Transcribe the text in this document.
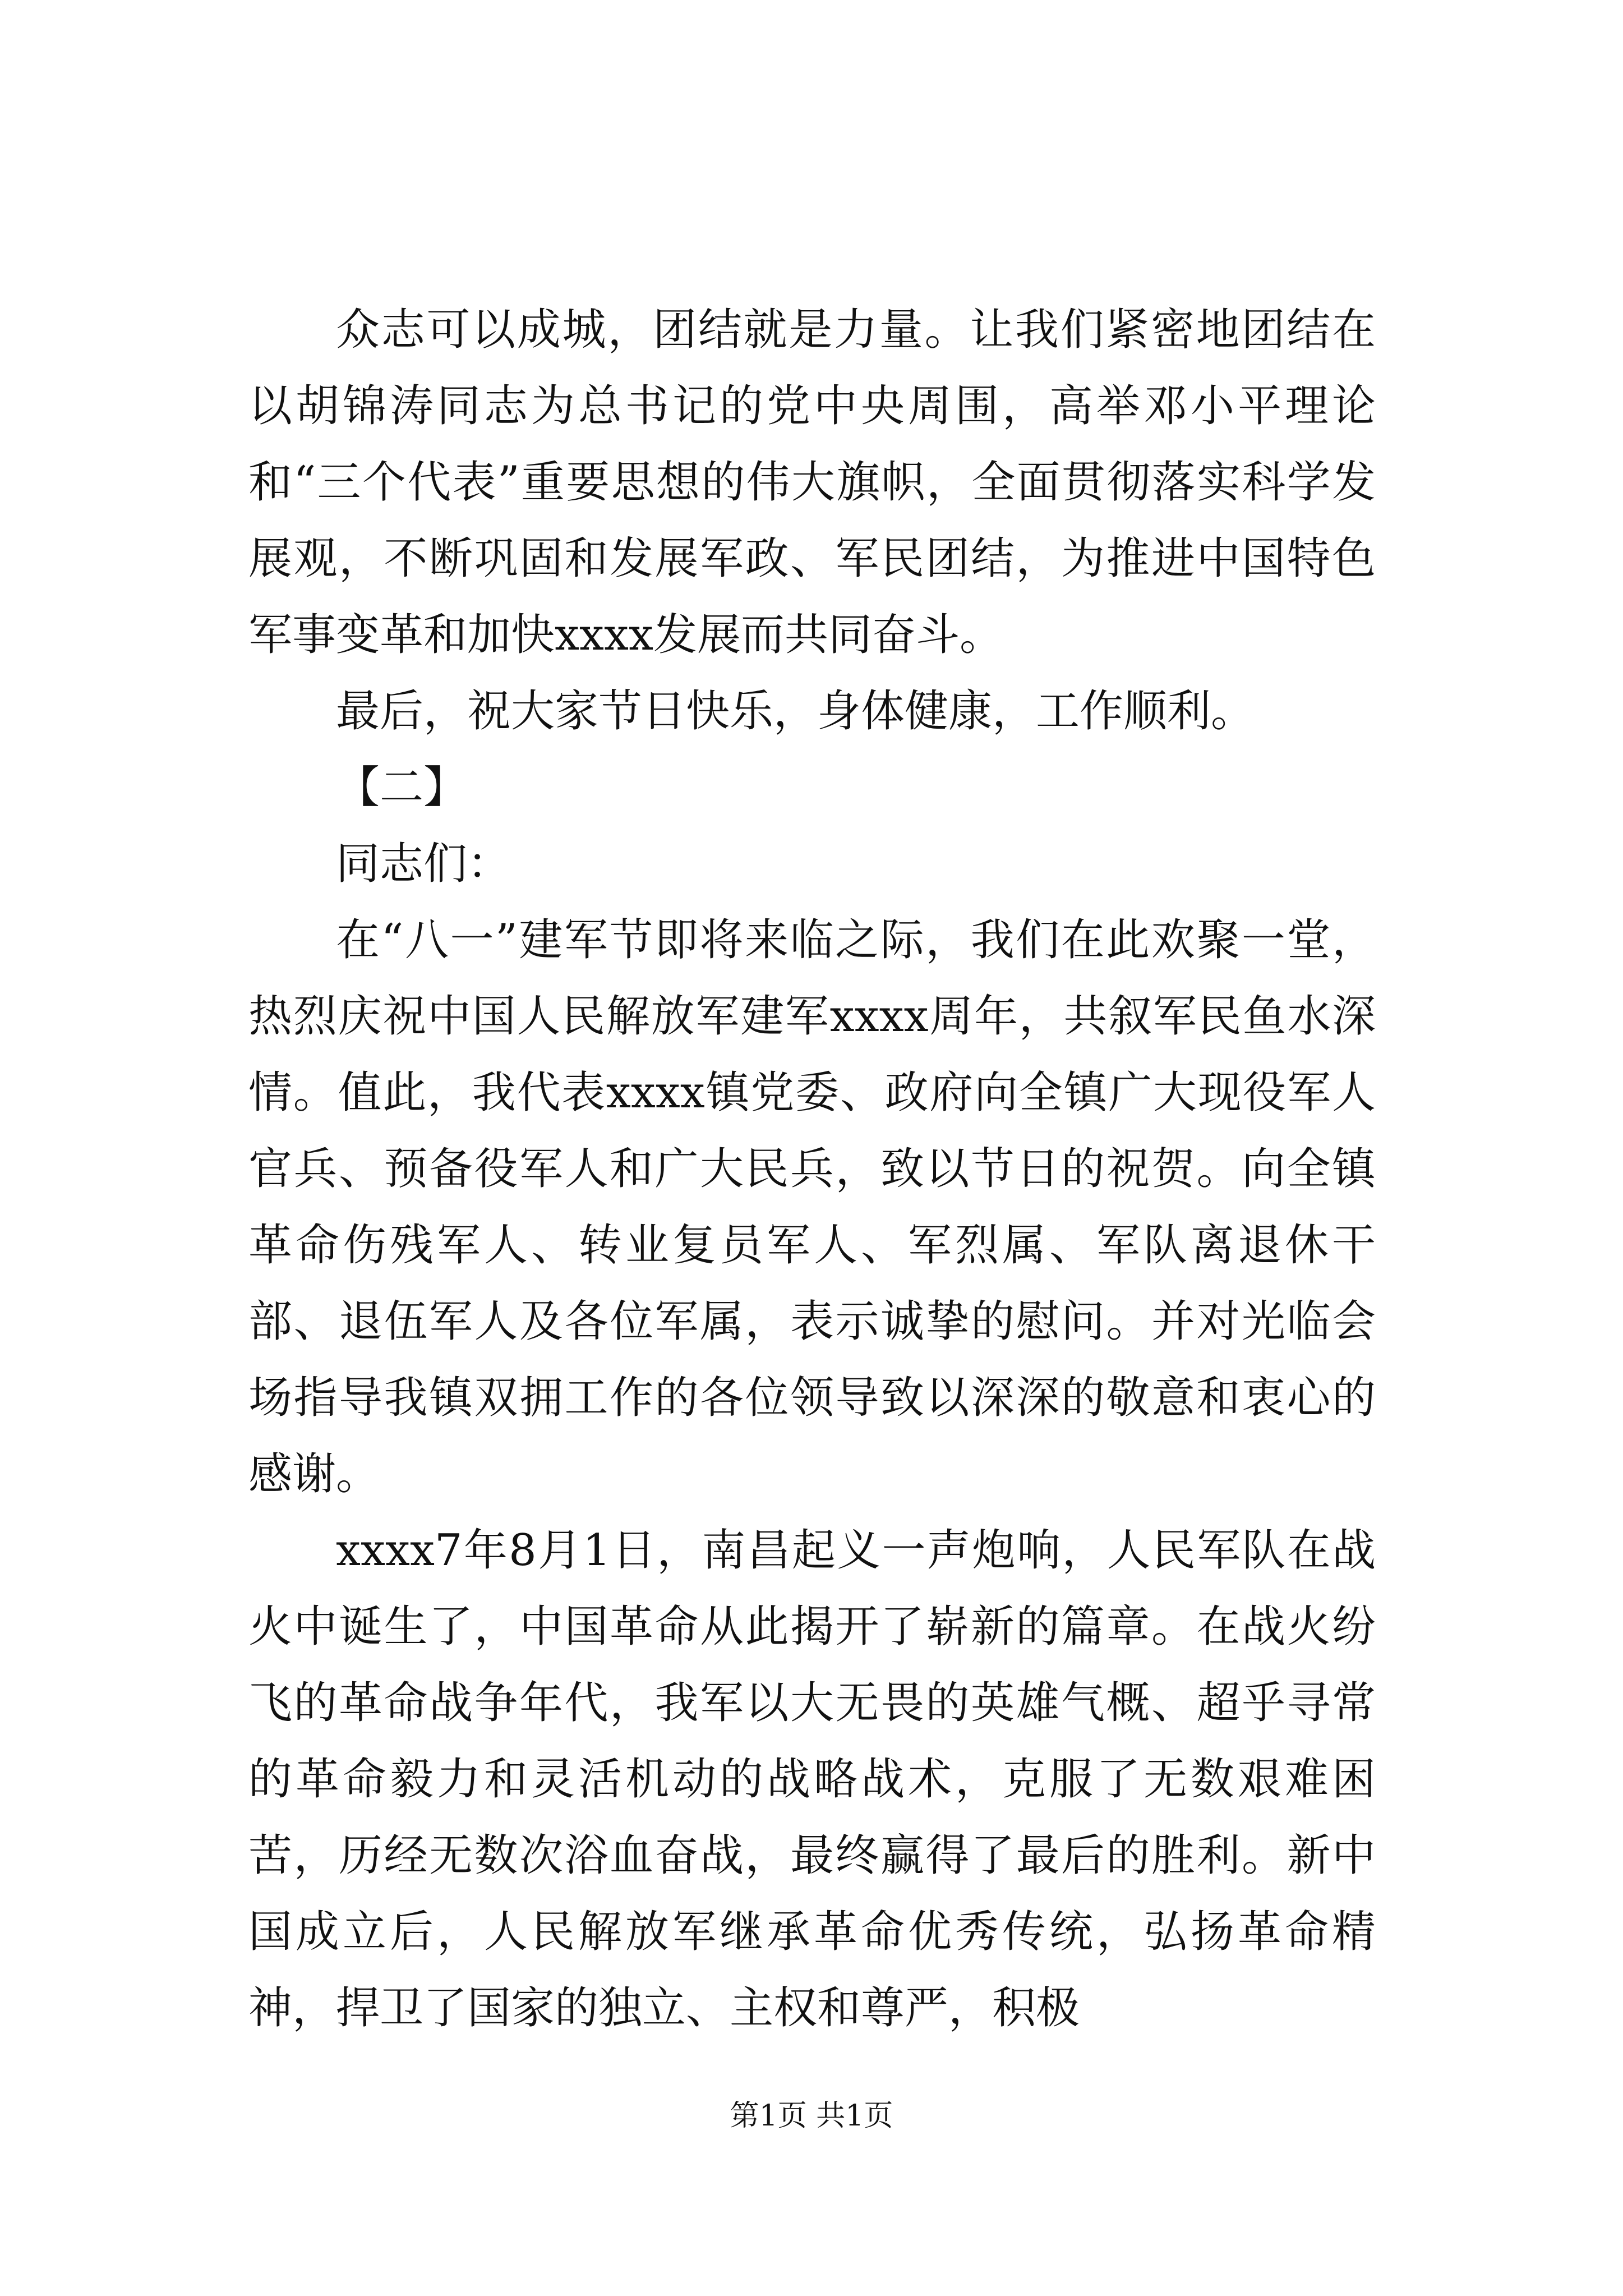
众志可以成城，团结就是力量。让我们紧密地团结在以胡锦涛同志为总书记的党中央周围，高举邓小平理论和“三个代表”重要思想的伟大旗帜，全面贯彻落实科学发展观，不断巩固和发展军政、军民团结，为推进中国特色军事变革和加快xxxx发展而共同奋斗。

最后，祝大家节日快乐，身体健康，工作顺利。

【二】

同志们：

在“八一”建军节即将来临之际，我们在此欢聚一堂，热烈庆祝中国人民解放军建军xxxx周年，共叙军民鱼水深情。值此，我代表xxxx镇党委、政府向全镇广大现役军人官兵、预备役军人和广大民兵，致以节日的祝贺。向全镇革命伤残军人、转业复员军人、军烈属、军队离退休干部、退伍军人及各位军属，表示诚挚的慰问。并对光临会场指导我镇双拥工作的各位领导致以深深的敬意和衷心的感谢。

xxxx7年8月1日，南昌起义一声炮响，人民军队在战火中诞生了，中国革命从此揭开了崭新的篇章。在战火纷飞的革命战争年代，我军以大无畏的英雄气概、超乎寻常的革命毅力和灵活机动的战略战术，克服了无数艰难困苦，历经无数次浴血奋战，最终赢得了最后的胜利。新中国成立后，人民解放军继承革命优秀传统，弘扬革命精神，捍卫了国家的独立、主权和尊严，积极

第1页 共1页
